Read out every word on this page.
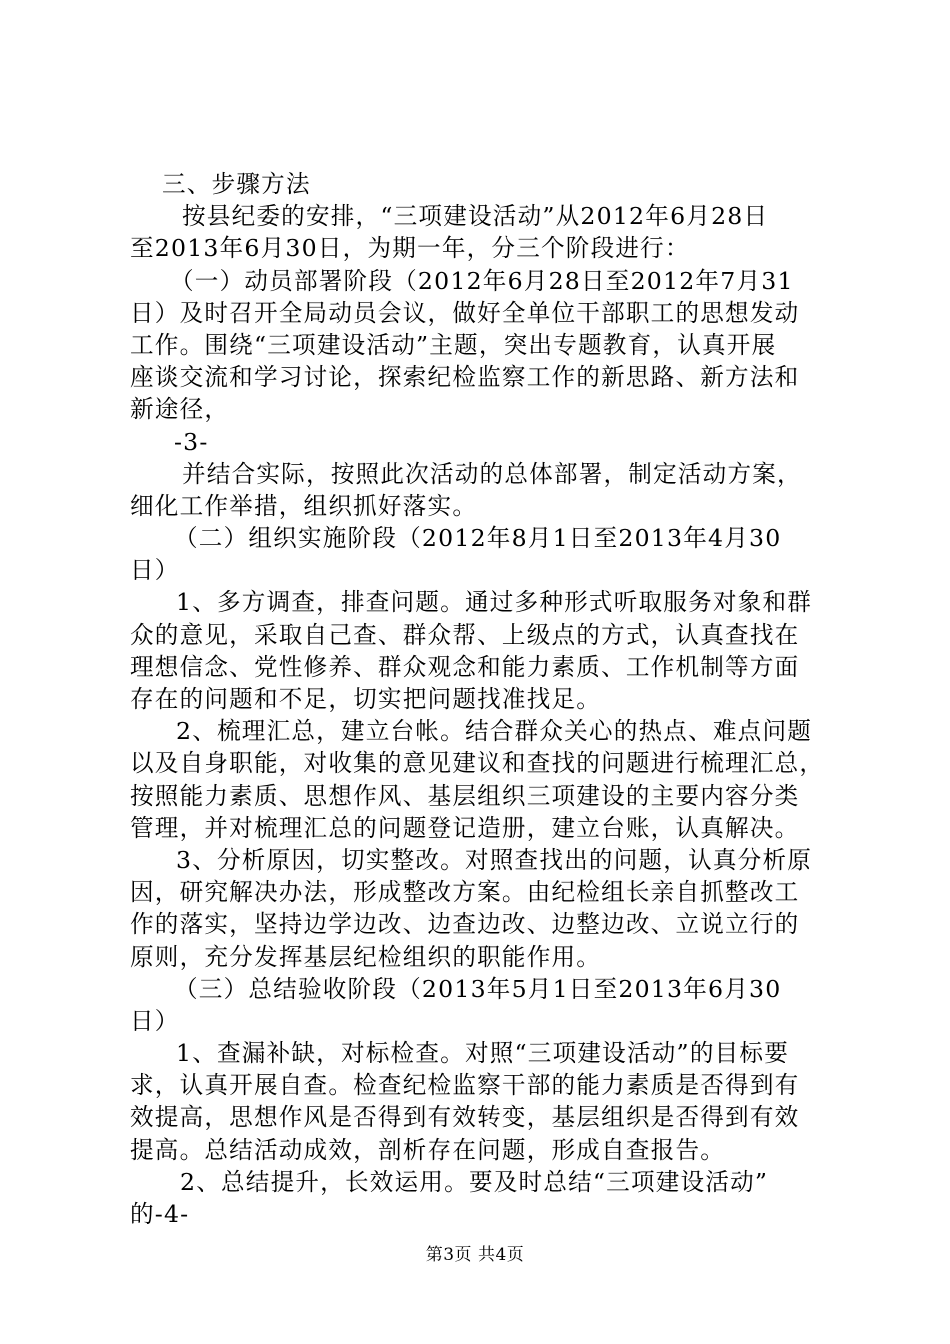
三、步骤方法
按县纪委的安排，“三项建设活动”从2012年6月28日
至2013年6月30日，为期一年，分三个阶段进行：
（一）动员部署阶段（2012年6月28日至2012年7月31
日）及时召开全局动员会议，做好全单位干部职工的思想发动
工作。围绕“三项建设活动”主题，突出专题教育，认真开展
座谈交流和学习讨论，探索纪检监察工作的新思路、新方法和
新途径，
-3-
并结合实际，按照此次活动的总体部署，制定活动方案，
细化工作举措，组织抓好落实。
（二）组织实施阶段（2012年8月1日至2013年4月30
日）
1、多方调查，排查问题。通过多种形式听取服务对象和群
众的意见，采取自己查、群众帮、上级点的方式，认真查找在
理想信念、党性修养、群众观念和能力素质、工作机制等方面
存在的问题和不足，切实把问题找准找足。
2、梳理汇总，建立台帐。结合群众关心的热点、难点问题
以及自身职能，对收集的意见建议和查找的问题进行梳理汇总，
按照能力素质、思想作风、基层组织三项建设的主要内容分类
管理，并对梳理汇总的问题登记造册，建立台账，认真解决。
3、分析原因，切实整改。对照查找出的问题，认真分析原
因，研究解决办法，形成整改方案。由纪检组长亲自抓整改工
作的落实，坚持边学边改、边查边改、边整边改、立说立行的
原则，充分发挥基层纪检组织的职能作用。
（三）总结验收阶段（2013年5月1日至2013年6月30
日）
1、查漏补缺，对标检查。对照“三项建设活动”的目标要
求，认真开展自查。检查纪检监察干部的能力素质是否得到有
效提高，思想作风是否得到有效转变，基层组织是否得到有效
提高。总结活动成效，剖析存在问题，形成自查报告。
2、总结提升，长效运用。要及时总结“三项建设活动”
的-4-
第3页 共4页
